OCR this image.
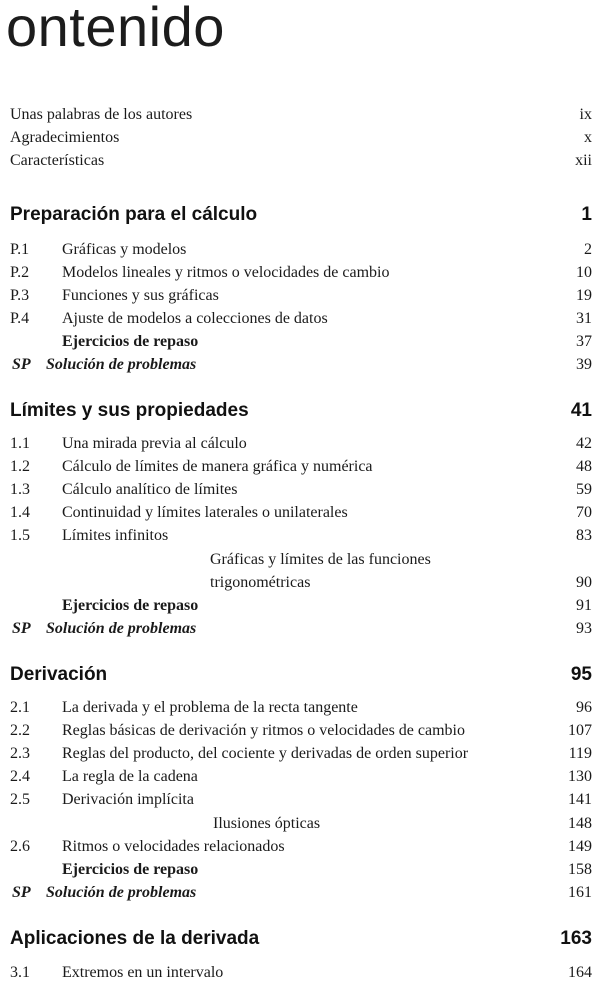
ontenido
Unas palabras de los autores	ix
Agradecimientos	x
Características	xii
Preparación para el cálculo	1
P.1 Gráficas y modelos	2
P.2 Modelos lineales y ritmos o velocidades de cambio	10
P.3 Funciones y sus gráficas	19
P.4 Ajuste de modelos a colecciones de datos	31
Ejercicios de repaso	37
SP Solución de problemas	39
Límites y sus propiedades	41
1.1 Una mirada previa al cálculo	42
1.2 Cálculo de límites de manera gráfica y numérica	48
1.3 Cálculo analítico de límites	59
1.4 Continuidad y límites laterales o unilaterales	70
1.5 Límites infinitos	83
Gráficas y límites de las funciones
trigonométricas	90
Ejercicios de repaso	91
SP Solución de problemas	93
Derivación	95
2.1 La derivada y el problema de la recta tangente	96
2.2 Reglas básicas de derivación y ritmos o velocidades de cambio	107
2.3 Reglas del producto, del cociente y derivadas de orden superior	119
2.4 La regla de la cadena	130
2.5 Derivación implícita	141
Ilusiones ópticas	148
2.6 Ritmos o velocidades relacionados	149
Ejercicios de repaso	158
SP Solución de problemas	161
Aplicaciones de la derivada	163
3.1 Extremos en un intervalo	164
